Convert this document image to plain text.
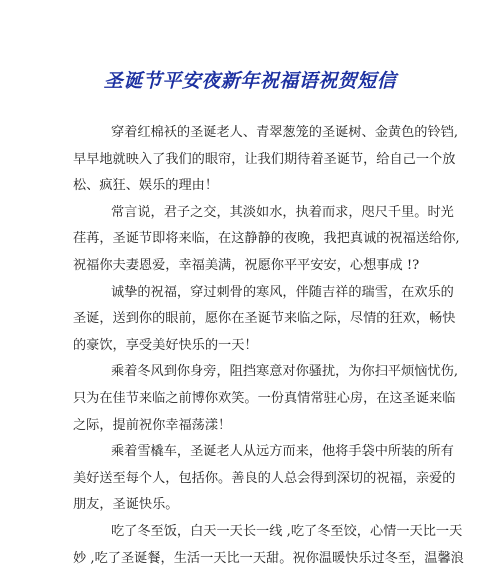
圣诞节平安夜新年祝福语祝贺短信
穿着红棉袄的圣诞老人、青翠葱笼的圣诞树、金黄色的铃铛,
早早地就映入了我们的眼帘，让我们期待着圣诞节，给自己一个放
松、疯狂、娱乐的理由！
常言说，君子之交，其淡如水，执着而求，咫尺千里。时光
荏苒，圣诞节即将来临，在这静静的夜晚，我把真诚的祝福送给你,
祝福你夫妻恩爱，幸福美满，祝愿你平平安安，心想事成 !?
诚挚的祝福，穿过刺骨的寒风，伴随吉祥的瑞雪，在欢乐的
圣诞，送到你的眼前，愿你在圣诞节来临之际，尽情的狂欢，畅快
的豪饮，享受美好快乐的一天！
乘着冬风到你身旁，阻挡寒意对你骚扰，为你扫平烦恼忧伤,
只为在佳节来临之前博你欢笑。一份真情常驻心房，在这圣诞来临
之际，提前祝你幸福荡漾！
乘着雪橇车，圣诞老人从远方而来，他将手袋中所装的所有
美好送至每个人，包括你。善良的人总会得到深切的祝福，亲爱的
朋友，圣诞快乐。
吃了冬至饭，白天一天长一线 ,吃了冬至饺，心情一天比一天
妙 ,吃了圣诞餐，生活一天比一天甜。祝你温暖快乐过冬至，温馨浪
